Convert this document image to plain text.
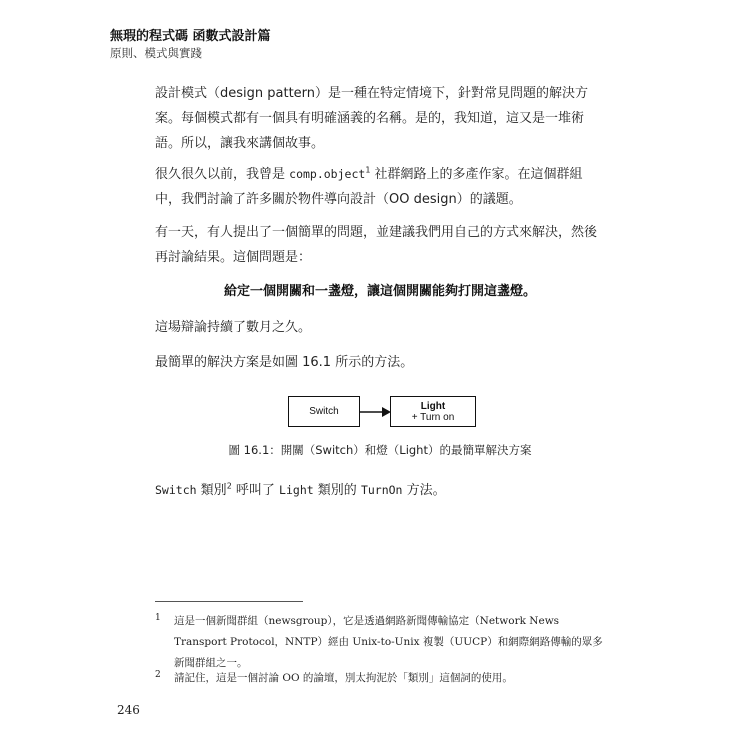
無瑕的程式碼 函數式設計篇
原則、模式與實踐
設計模式（design pattern）是一種在特定情境下，針對常見問題的解決方案。每個模式都有一個具有明確涵義的名稱。是的，我知道，這又是一堆術語。所以，讓我來講個故事。
很久很久以前，我曾是 comp.object$^1$ 社群網路上的多產作家。在這個群組中，我們討論了許多關於物件導向設計（OO design）的議題。
有一天，有人提出了一個簡單的問題，並建議我們用自己的方式來解決，然後再討論結果。這個問題是：
給定一個開關和一盞燈，讓這個開關能夠打開這盞燈。
這場辯論持續了數月之久。
最簡單的解決方案是如圖 16.1 所示的方法。
Switch	Light
+ Turn on
圖 16.1：開關（Switch）和燈（Light）的最簡單解決方案
Switch 類別$^2$ 呼叫了 Light 類別的 TurnOn 方法。
1 這是一個新聞群組（newsgroup），它是透過網路新聞傳輸協定（Network News Transport Protocol，NNTP）經由 Unix-to-Unix 複製（UUCP）和網際網路傳輸的眾多新聞群組之一。
2 請記住，這是一個討論 OO 的論壇，別太拘泥於「類別」這個詞的使用。
246
